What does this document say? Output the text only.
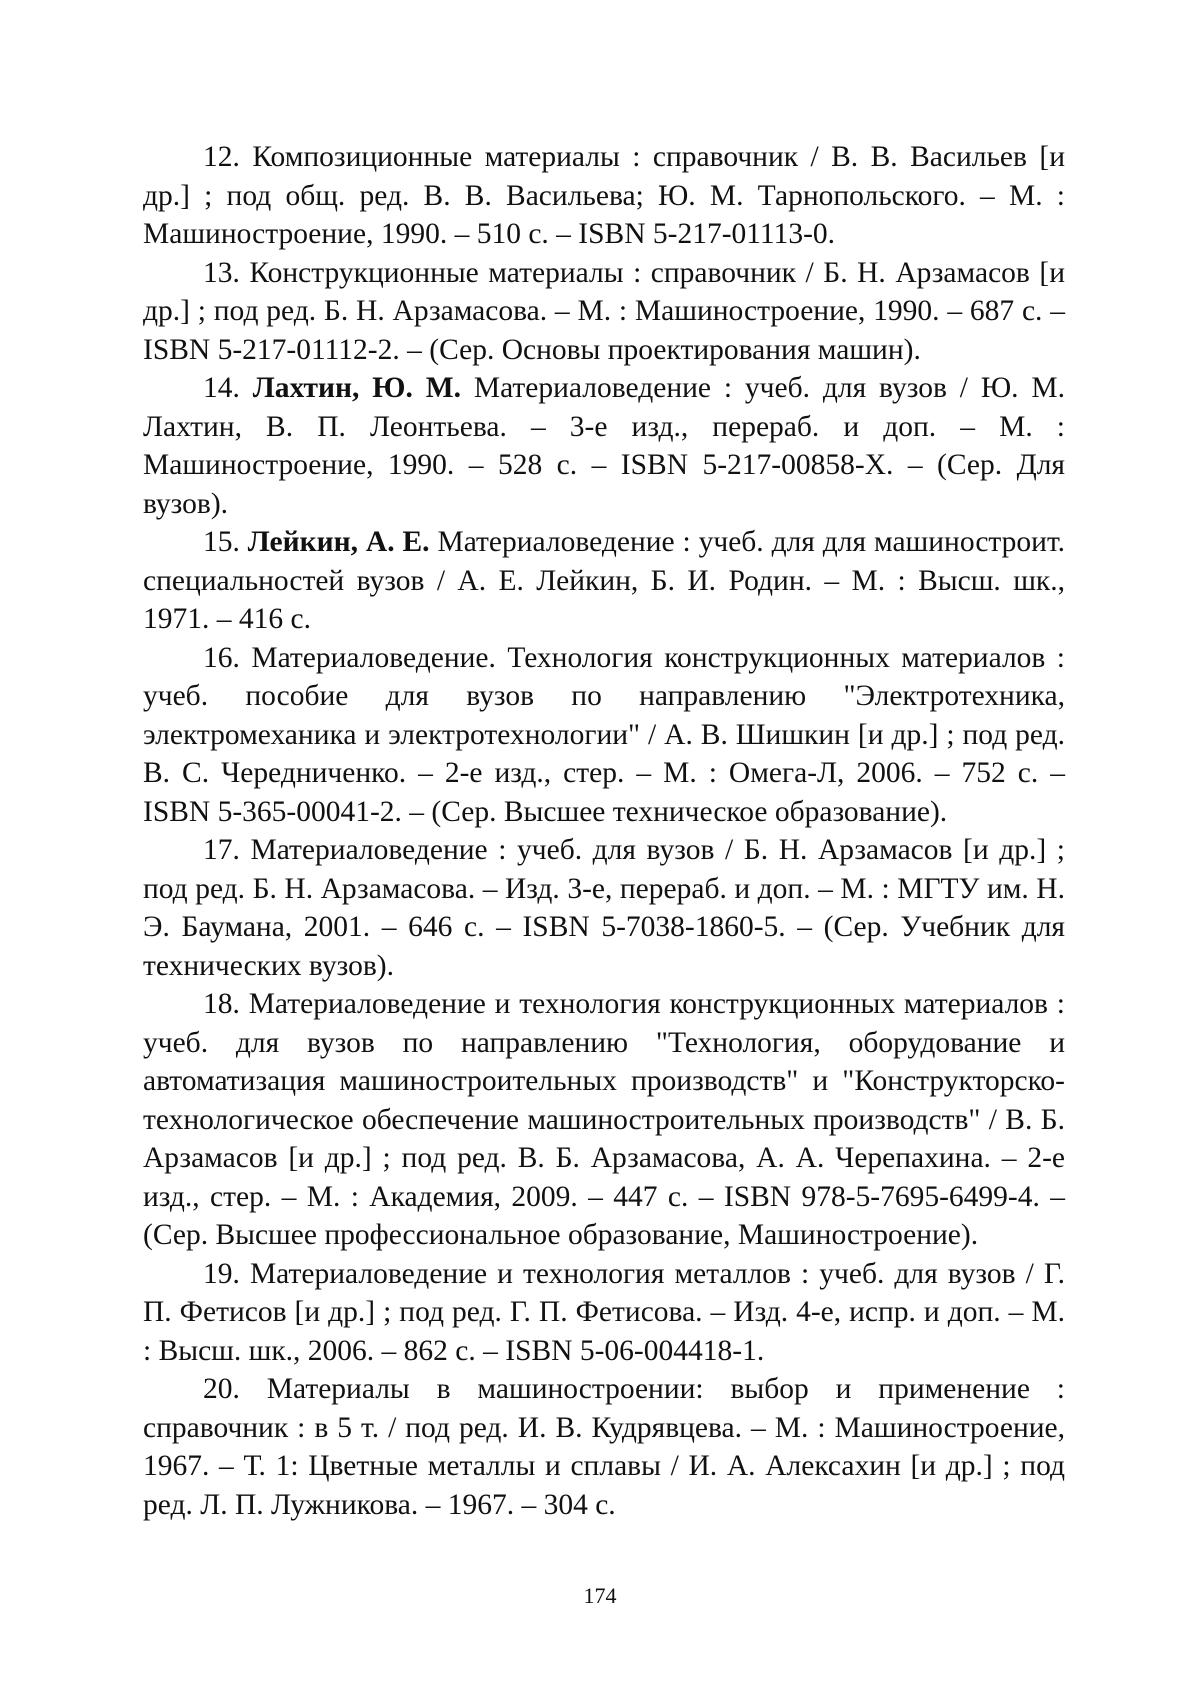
12. Композиционные материалы : справочник / В. В. Васильев [и др.] ; под общ. ред. В. В. Васильева; Ю. М. Тарнопольского. – М. : Машиностроение, 1990. – 510 с. – ISBN 5-217-01113-0.

13. Конструкционные материалы : справочник / Б. Н. Арзамасов [и др.] ; под ред. Б. Н. Арзамасова. – М. : Машиностроение, 1990. – 687 с. – ISBN 5-217-01112-2. – (Сер. Основы проектирования машин).

14. Лахтин, Ю. М. Материаловедение : учеб. для вузов / Ю. М. Лахтин, В. П. Леонтьева. – 3-е изд., перераб. и доп. – М. : Машиностроение, 1990. – 528 с. – ISBN 5-217-00858-X. – (Сер. Для вузов).

15. Лейкин, А. Е. Материаловедение : учеб. для для машиностроит. специальностей вузов / А. Е. Лейкин, Б. И. Родин. – М. : Высш. шк., 1971. – 416 с.

16. Материаловедение. Технология конструкционных материалов : учеб. пособие для вузов по направлению "Электротехника, электромеханика и электротехнологии" / А. В. Шишкин [и др.] ; под ред. В. С. Чередниченко. – 2-е изд., стер. – М. : Омега-Л, 2006. – 752 с. – ISBN 5-365-00041-2. – (Сер. Высшее техническое образование).

17. Материаловедение : учеб. для вузов / Б. Н. Арзамасов [и др.] ; под ред. Б. Н. Арзамасова. – Изд. 3-е, перераб. и доп. – М. : МГТУ им. Н. Э. Баумана, 2001. – 646 с. – ISBN 5-7038-1860-5. – (Сер. Учебник для технических вузов).

18. Материаловедение и технология конструкционных материалов : учеб. для вузов по направлению "Технология, оборудование и автоматизация машиностроительных производств" и "Конструкторско-технологическое обеспечение машиностроительных производств" / В. Б. Арзамасов [и др.] ; под ред. В. Б. Арзамасова, А. А. Черепахина. – 2-е изд., стер. – М. : Академия, 2009. – 447 с. – ISBN 978-5-7695-6499-4. – (Сер. Высшее профессиональное образование, Машиностроение).

19. Материаловедение и технология металлов : учеб. для вузов / Г. П. Фетисов [и др.] ; под ред. Г. П. Фетисова. – Изд. 4-е, испр. и доп. – М. : Высш. шк., 2006. – 862 с. – ISBN 5-06-004418-1.

20. Материалы в машиностроении: выбор и применение : справочник : в 5 т. / под ред. И. В. Кудрявцева. – М. : Машиностроение, 1967. – Т. 1: Цветные металлы и сплавы / И. А. Алексахин [и др.] ; под ред. Л. П. Лужникова. – 1967. – 304 с.

174
